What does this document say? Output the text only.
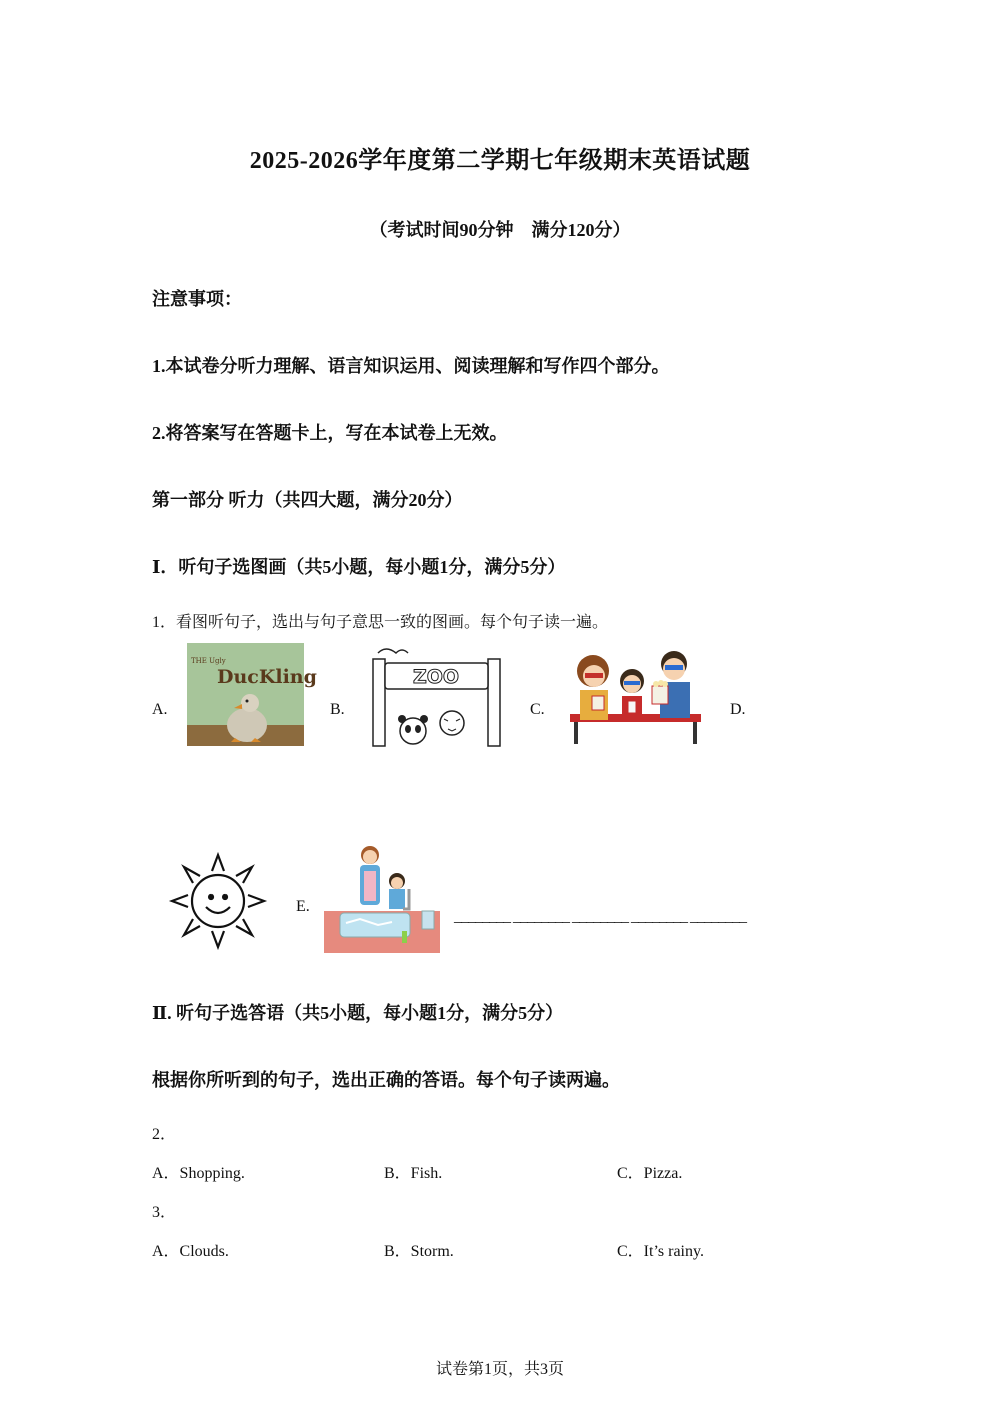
2025-2026学年度第二学期七年级期末英语试题
（考试时间90分钟　满分120分）
注意事项：
1.本试卷分听力理解、语言知识运用、阅读理解和写作四个部分。
2.将答案写在答题卡上，写在本试卷上无效。
第一部分 听力（共四大题，满分20分）
Ⅰ．听句子选图画（共5小题，每小题1分，满分5分）
1．看图听句子，选出与句子意思一致的图画。每个句子读一遍。
A.	B.	C.	D.
THE Ugly
DucKling	ZOO
E.
________ ________ ________ ________ ________
Ⅱ. 听句子选答语（共5小题，每小题1分，满分5分）
根据你所听到的句子，选出正确的答语。每个句子读两遍。
2．
A．Shopping.	B．Fish.	C．Pizza.
3．
A．Clouds.	B．Storm.	C．It’s rainy.
试卷第1页，共3页
